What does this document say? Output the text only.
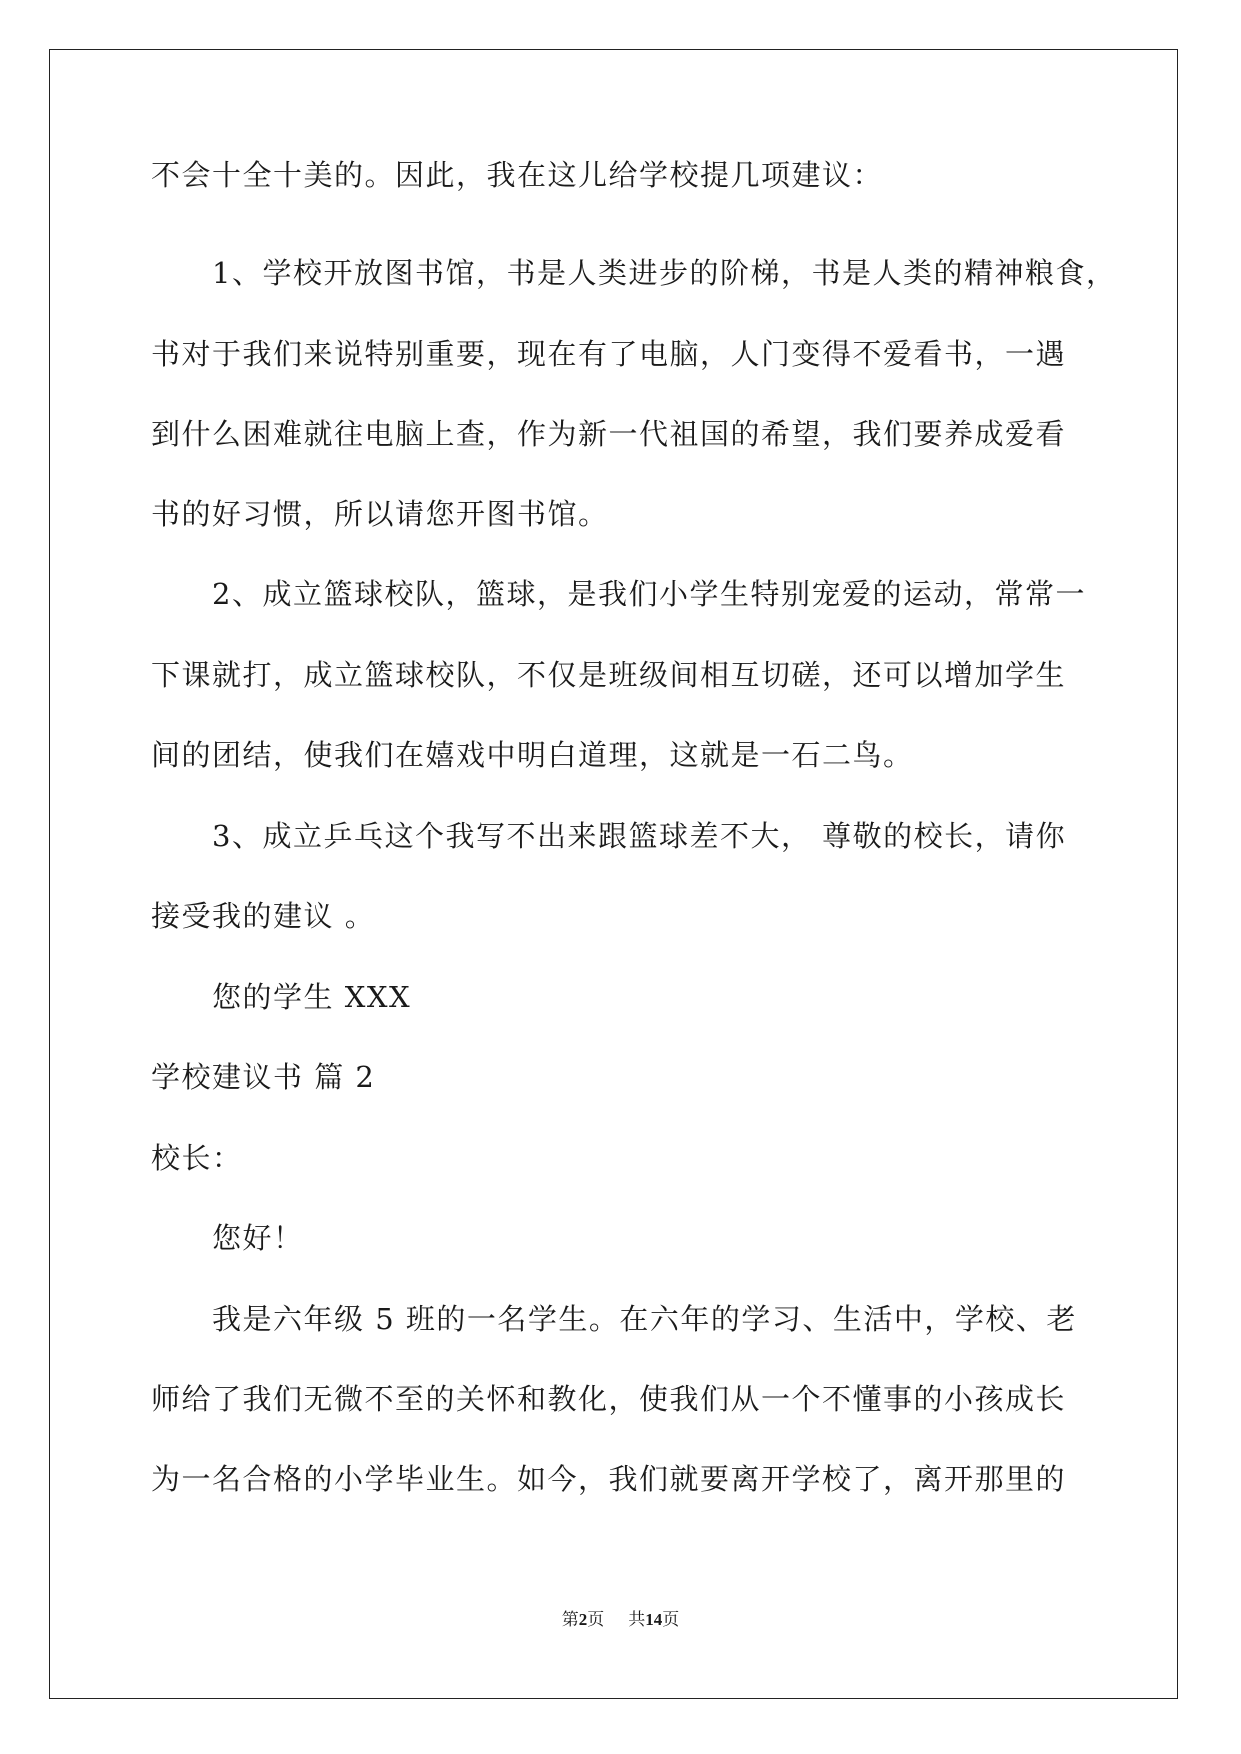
不会十全十美的。因此，我在这儿给学校提几项建议：
1、学校开放图书馆，书是人类进步的阶梯，书是人类的精神粮食，
书对于我们来说特别重要，现在有了电脑，人门变得不爱看书，一遇
到什么困难就往电脑上查，作为新一代祖国的希望，我们要养成爱看
书的好习惯，所以请您开图书馆。
2、成立篮球校队，篮球，是我们小学生特别宠爱的运动，常常一
下课就打，成立篮球校队，不仅是班级间相互切磋，还可以增加学生
间的团结，使我们在嬉戏中明白道理，这就是一石二鸟。
3、成立乒乓这个我写不出来跟篮球差不大， 尊敬的校长，请你
接受我的建议 。
您的学生 XXX
学校建议书 篇 2
校长：
您好！
我是六年级 5 班的一名学生。在六年的学习、生活中，学校、老
师给了我们无微不至的关怀和教化，使我们从一个不懂事的小孩成长
为一名合格的小学毕业生。如今，我们就要离开学校了，离开那里的
第2页 共14页
